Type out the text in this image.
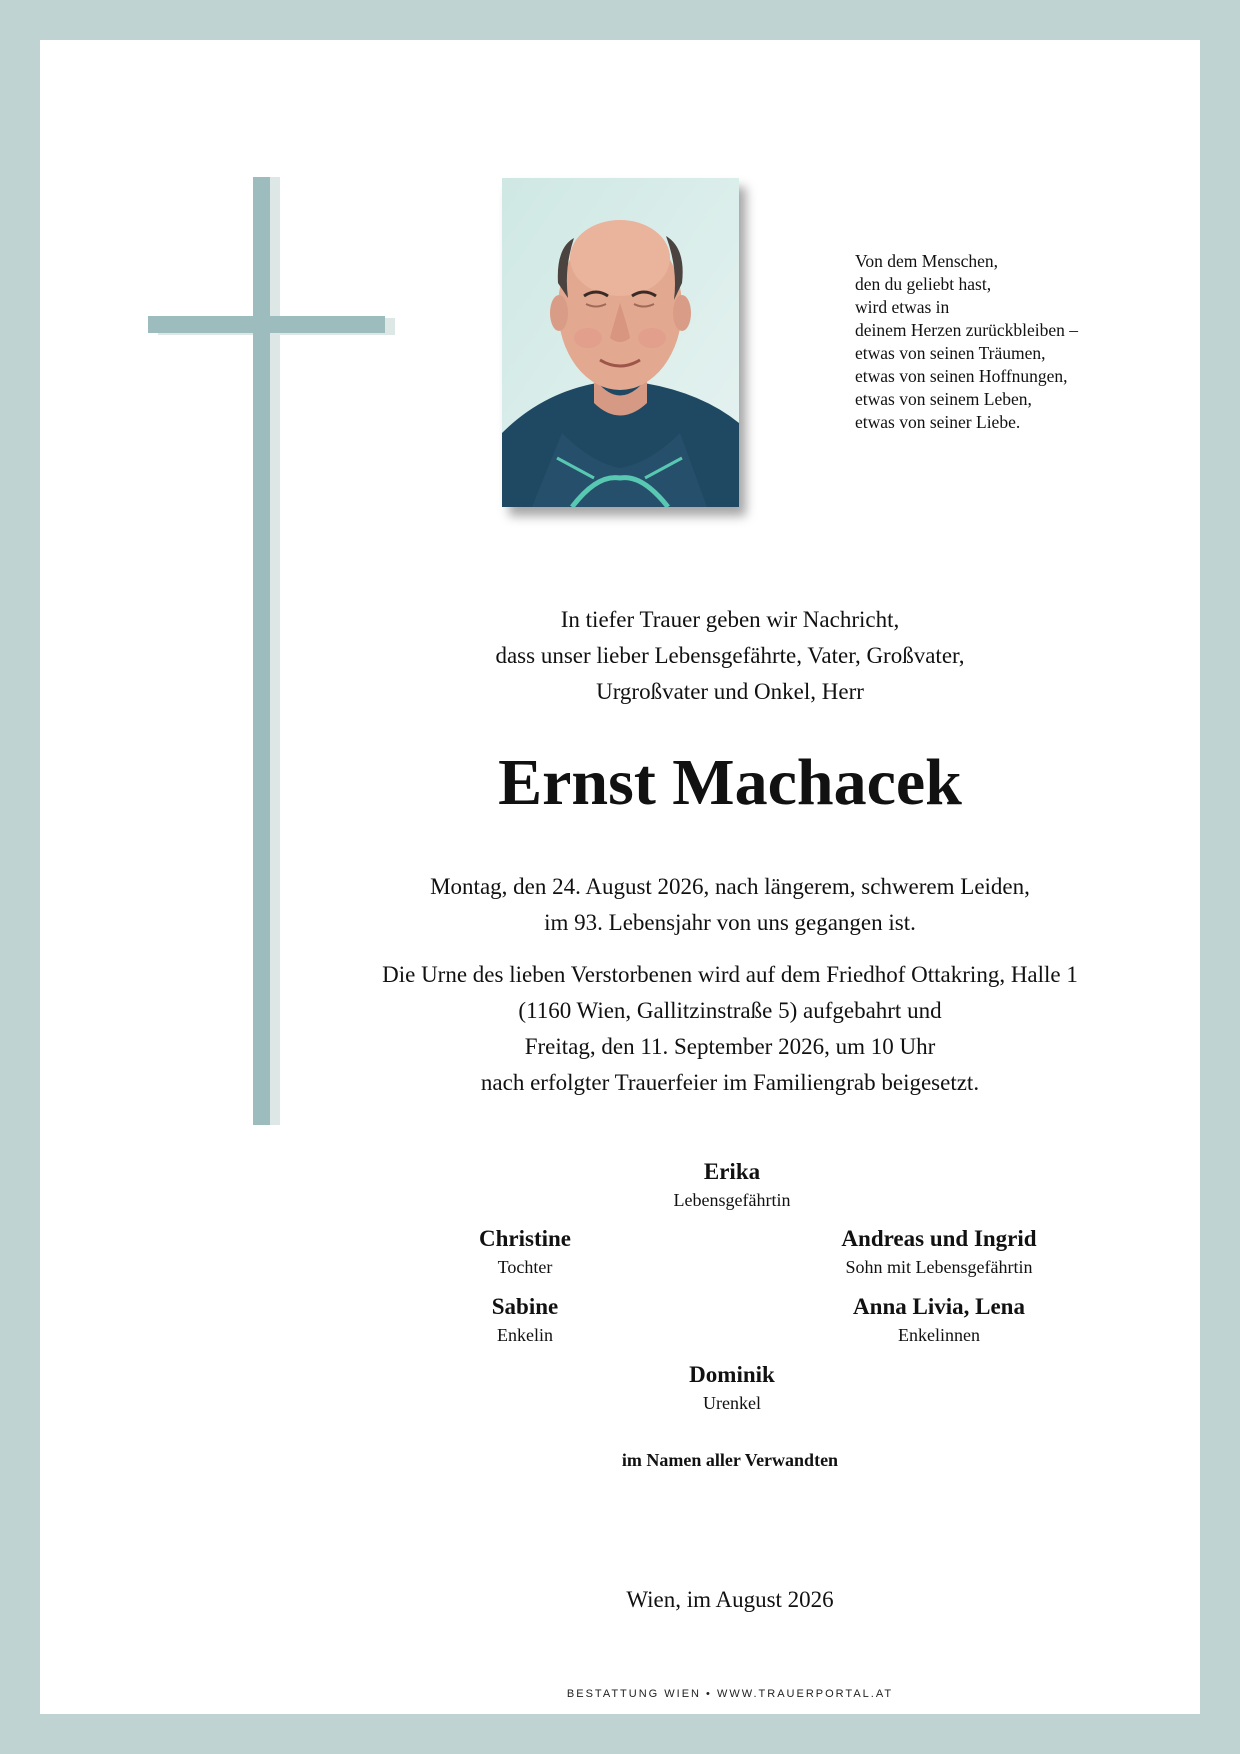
Von dem Menschen,
den du geliebt hast,
wird etwas in
deinem Herzen zurückbleiben –
etwas von seinen Träumen,
etwas von seinen Hoffnungen,
etwas von seinem Leben,
etwas von seiner Liebe.
In tiefer Trauer geben wir Nachricht,
dass unser lieber Lebensgefährte, Vater, Großvater,
Urgroßvater und Onkel, Herr
Ernst Machacek
Montag, den 24. August 2026, nach längerem, schwerem Leiden,
im 93. Lebensjahr von uns gegangen ist.
Die Urne des lieben Verstorbenen wird auf dem Friedhof Ottakring, Halle 1
(1160 Wien, Gallitzinstraße 5) aufgebahrt und
Freitag, den 11. September 2026, um 10 Uhr
nach erfolgter Trauerfeier im Familiengrab beigesetzt.
Erika
Lebensgefährtin
Christine
Tochter
Andreas und Ingrid
Sohn mit Lebensgefährtin
Sabine
Enkelin
Anna Livia, Lena
Enkelinnen
Dominik
Urenkel
im Namen aller Verwandten
Wien, im August 2026
BESTATTUNG WIEN • WWW.TRAUERPORTAL.AT
